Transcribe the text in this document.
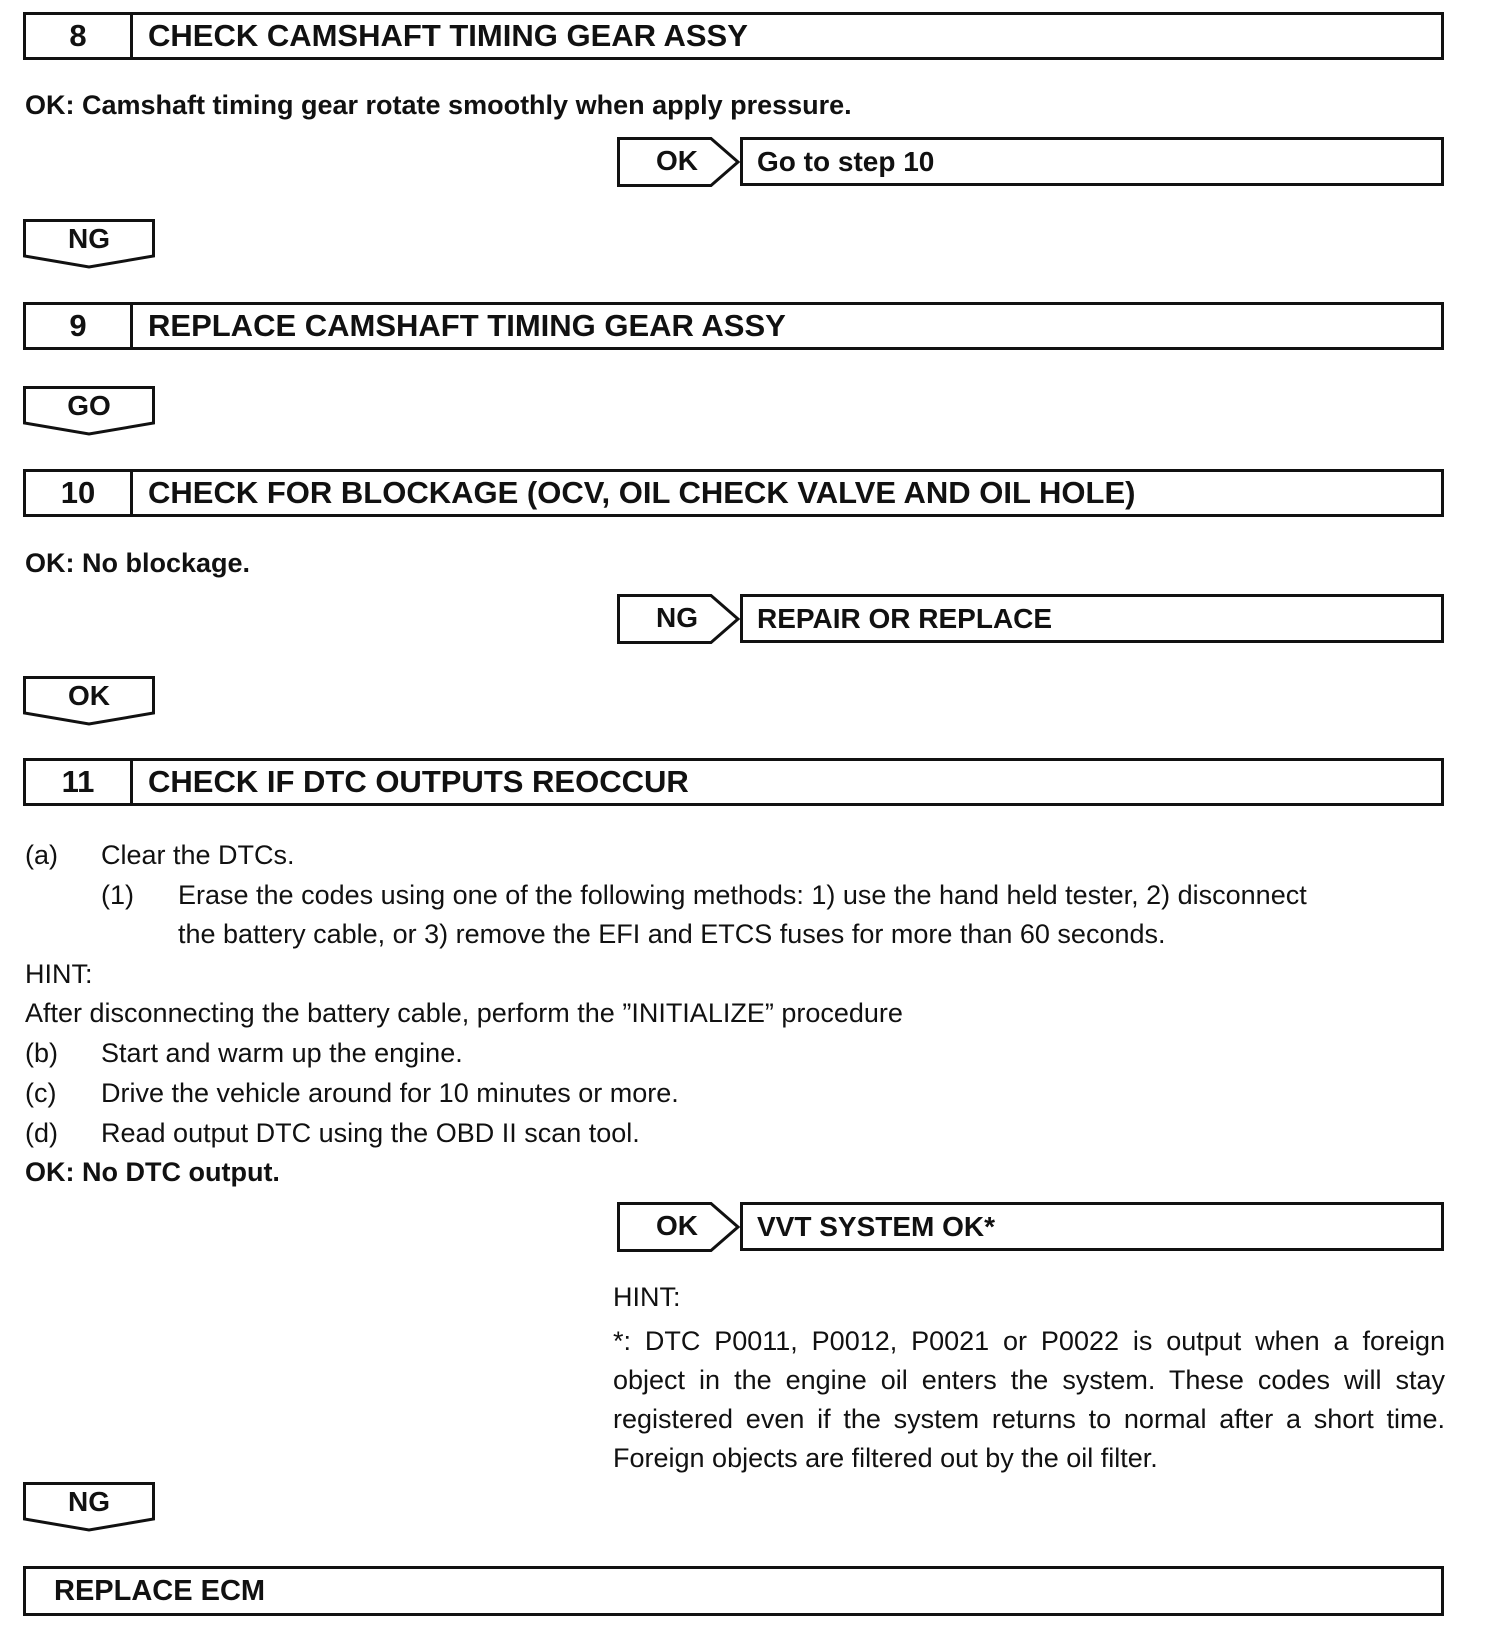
8	CHECK CAMSHAFT TIMING GEAR ASSY
OK: Camshaft timing gear rotate smoothly when apply pressure.
OK	Go to step 10
NG
9	REPLACE CAMSHAFT TIMING GEAR ASSY
GO
10	CHECK FOR BLOCKAGE (OCV, OIL CHECK VALVE AND OIL HOLE)
OK: No blockage.
NG	REPAIR OR REPLACE
OK
11	CHECK IF DTC OUTPUTS REOCCUR
(a) Clear the DTCs.
(1) Erase the codes using one of the following methods: 1) use the hand held tester, 2) disconnect
the battery cable, or 3) remove the EFI and ETCS fuses for more than 60 seconds.
HINT:
After disconnecting the battery cable, perform the ”INITIALIZE” procedure
(b) Start and warm up the engine.
(c) Drive the vehicle around for 10 minutes or more.
(d) Read output DTC using the OBD II scan tool.
OK: No DTC output.
OK	VVT SYSTEM OK*
HINT:
*: DTC P0011, P0012, P0021 or P0022 is output when a foreign object in the engine oil enters the system. These codes will stay registered even if the system returns to normal after a short time. Foreign objects are filtered out by the oil filter.
NG
REPLACE ECM
